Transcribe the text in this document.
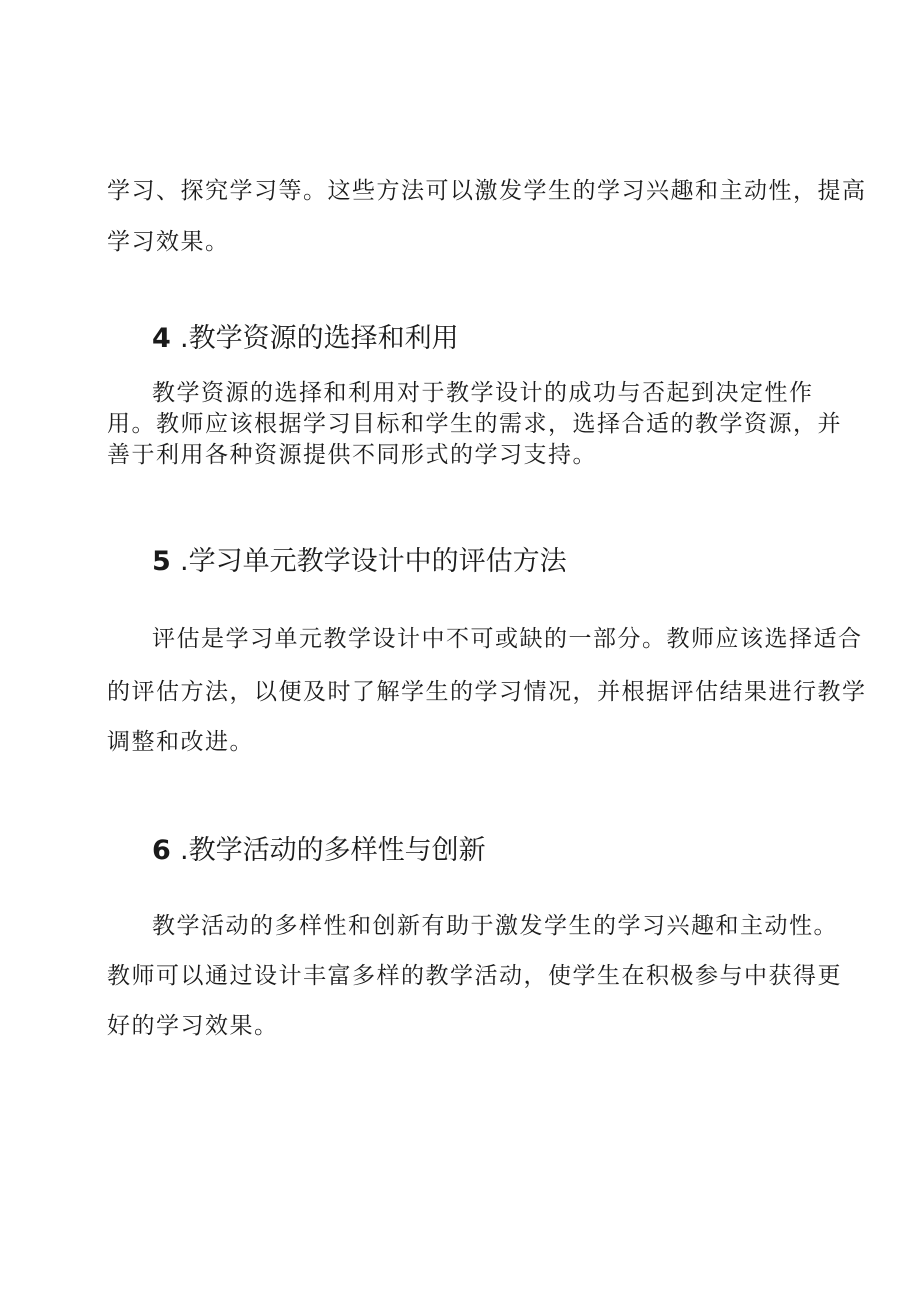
学习、探究学习等。这些方法可以激发学生的学习兴趣和主动性，提高
学习效果。
4 .教学资源的选择和利用
教学资源的选择和利用对于教学设计的成功与否起到决定性作
用。教师应该根据学习目标和学生的需求，选择合适的教学资源，并
善于利用各种资源提供不同形式的学习支持。
5 .学习单元教学设计中的评估方法
评估是学习单元教学设计中不可或缺的一部分。教师应该选择适合
的评估方法，以便及时了解学生的学习情况，并根据评估结果进行教学
调整和改进。
6 .教学活动的多样性与创新
教学活动的多样性和创新有助于激发学生的学习兴趣和主动性。
教师可以通过设计丰富多样的教学活动，使学生在积极参与中获得更
好的学习效果。
